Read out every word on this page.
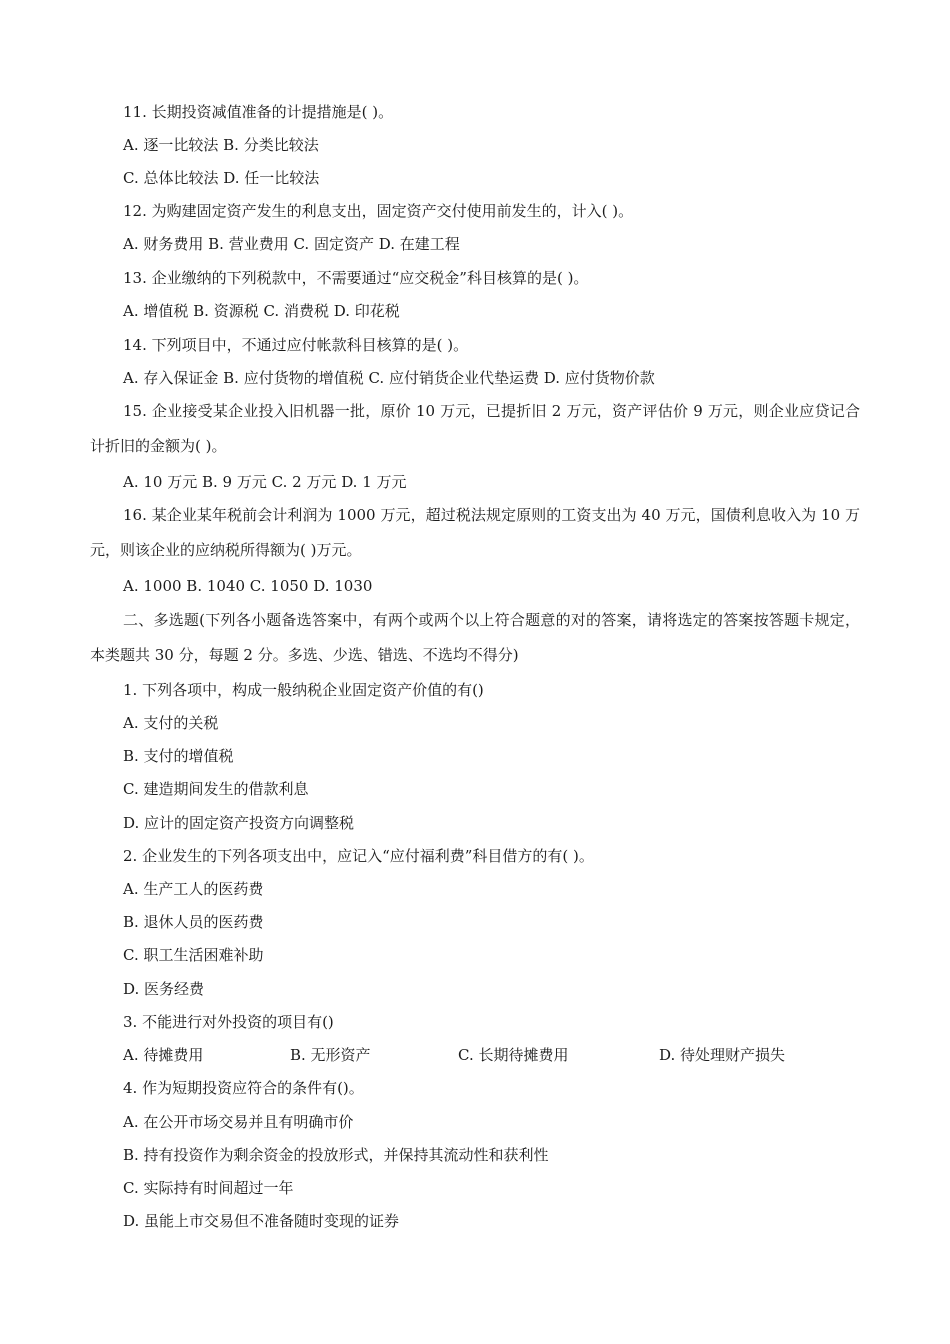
11. 长期投资减值准备的计提措施是( )。
A. 逐一比较法 B. 分类比较法
C. 总体比较法 D. 任一比较法
12. 为购建固定资产发生的利息支出，固定资产交付使用前发生的，计入( )。
A. 财务费用 B. 营业费用 C. 固定资产 D. 在建工程
13. 企业缴纳的下列税款中，不需要通过“应交税金”科目核算的是( )。
A. 增值税 B. 资源税 C. 消费税 D. 印花税
14. 下列项目中，不通过应付帐款科目核算的是( )。
A. 存入保证金 B. 应付货物的增值税 C. 应付销货企业代垫运费 D. 应付货物价款
15. 企业接受某企业投入旧机器一批，原价 10 万元，已提折旧 2 万元，资产评估价 9 万元，则企业应贷记合计折旧的金额为( )。
A. 10 万元 B. 9 万元 C. 2 万元 D. 1 万元
16. 某企业某年税前会计利润为 1000 万元，超过税法规定原则的工资支出为 40 万元，国债利息收入为 10 万元，则该企业的应纳税所得额为( )万元。
A. 1000 B. 1040 C. 1050 D. 1030
二、多选题(下列各小题备选答案中，有两个或两个以上符合题意的对的答案，请将选定的答案按答题卡规定，本类题共 30 分，每题 2 分。多选、少选、错选、不选均不得分)
1. 下列各项中，构成一般纳税企业固定资产价值的有()
A. 支付的关税
B. 支付的增值税
C. 建造期间发生的借款利息
D. 应计的固定资产投资方向调整税
2. 企业发生的下列各项支出中，应记入“应付福利费”科目借方的有( )。
A. 生产工人的医药费
B. 退休人员的医药费
C. 职工生活困难补助
D. 医务经费
3. 不能进行对外投资的项目有()
A. 待摊费用	B. 无形资产	C. 长期待摊费用	D. 待处理财产损失
4. 作为短期投资应符合的条件有()。
A. 在公开市场交易并且有明确市价
B. 持有投资作为剩余资金的投放形式，并保持其流动性和获利性
C. 实际持有时间超过一年
D. 虽能上市交易但不准备随时变现的证券
